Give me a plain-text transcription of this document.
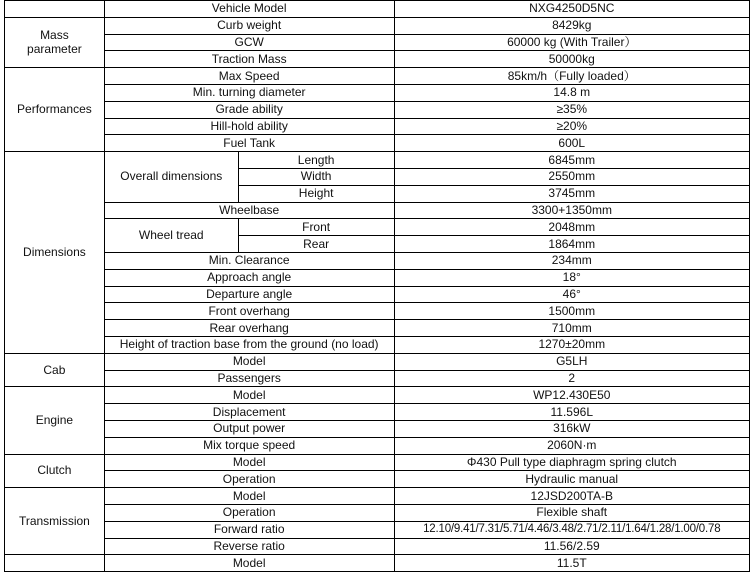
	Vehicle Model		NXG4250D5NC
Mass
parameter	Curb weight		8429kg
	GCW		60000 kg (With Trailer）
	Traction Mass		50000kg
Performances	Max Speed		85km/h（Fully loaded）
	Min. turning diameter		14.8 m
	Grade ability		≥35%
	Hill-hold ability		≥20%
	Fuel Tank		600L
Dimensions	Overall dimensions	Length	6845mm
		Width	2550mm
		Height	3745mm
	Wheelbase		3300+1350mm
	Wheel tread	Front	2048mm
		Rear	1864mm
	Min. Clearance		234mm
	Approach angle		18°
	Departure angle		46°
	Front overhang		1500mm
	Rear overhang		710mm
	Height of traction base from the ground (no load)		1270±20mm
Cab	Model		G5LH
	Passengers		2
Engine	Model		WP12.430E50
	Displacement		11.596L
	Output power		316kW
	Mix torque speed		2060N·m
Clutch	Model		Φ430 Pull type diaphragm spring clutch
	Operation		Hydraulic manual
Transmission	Model		12JSD200TA-B
	Operation		Flexible shaft
	Forward ratio		12.10/9.41/7.31/5.71/4.46/3.48/2.71/2.11/1.64/1.28/1.00/0.78
	Reverse ratio		11.56/2.59
	Model		11.5T
